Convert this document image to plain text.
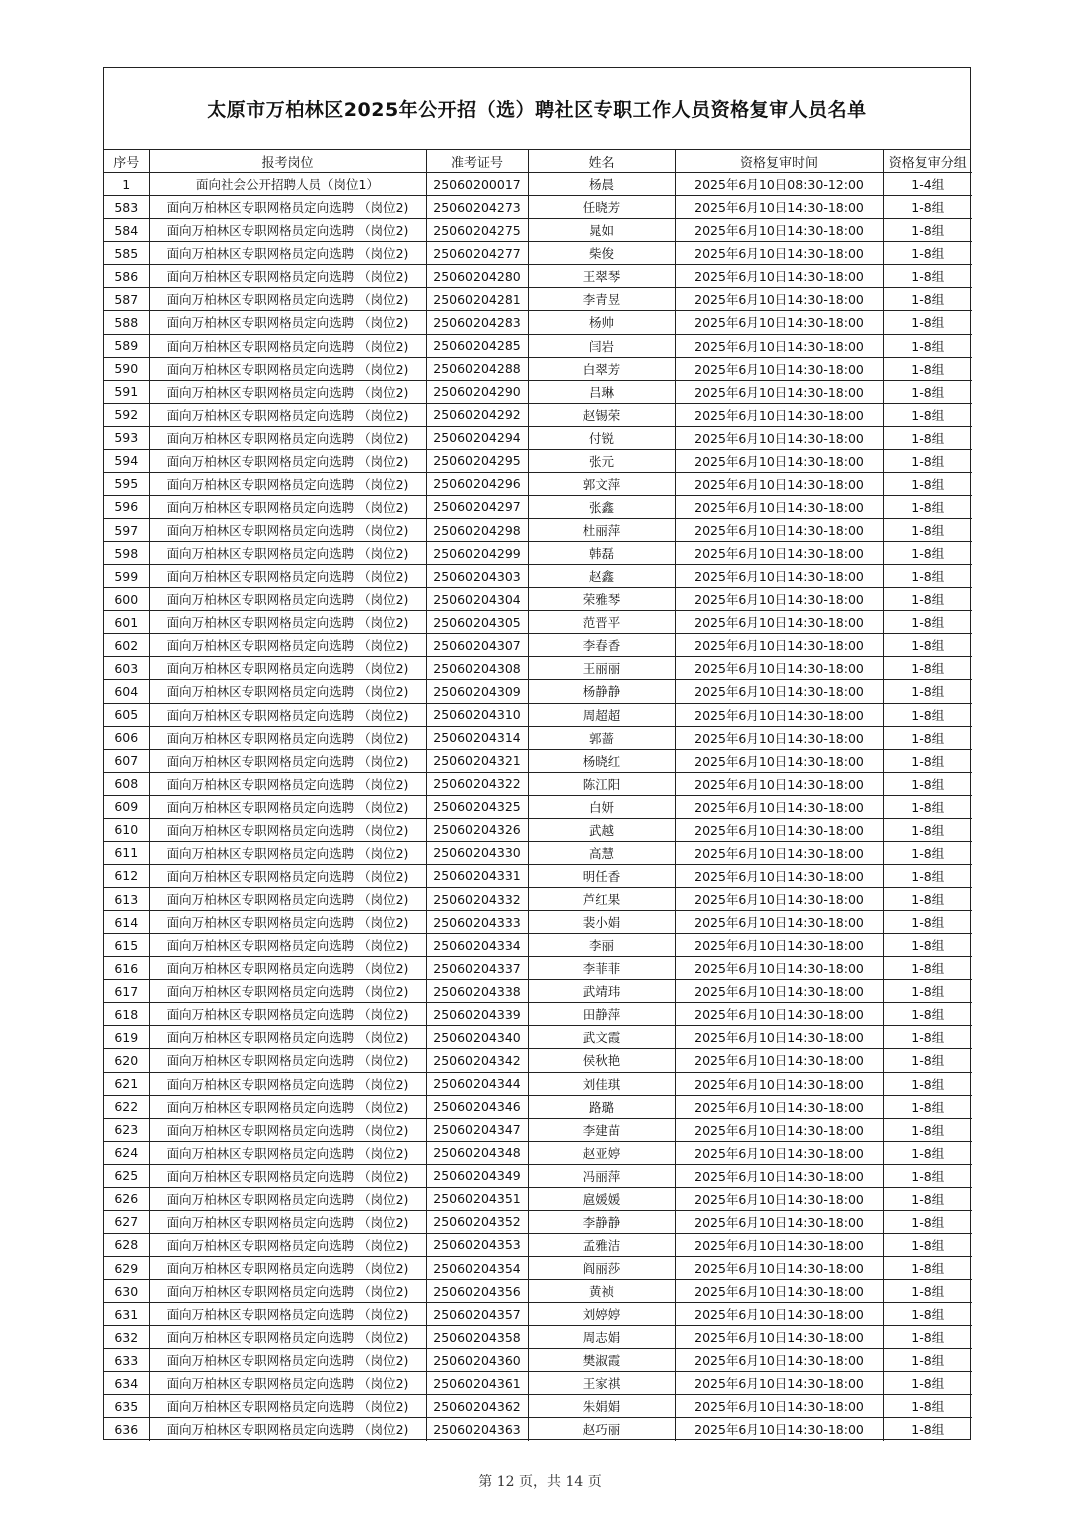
太原市万柏林区2025年公开招（选）聘社区专职工作人员资格复审人员名单
序号	报考岗位	准考证号	姓名	资格复审时间	资格复审分组
1	面向社会公开招聘人员（岗位1）	25060200017	杨晨	2025年6月10日08:30-12:00	1-4组
583	面向万柏林区专职网格员定向选聘 （岗位2)	25060204273	任晓芳	2025年6月10日14:30-18:00	1-8组
584	面向万柏林区专职网格员定向选聘 （岗位2)	25060204275	晁如	2025年6月10日14:30-18:00	1-8组
585	面向万柏林区专职网格员定向选聘 （岗位2)	25060204277	柴俊	2025年6月10日14:30-18:00	1-8组
586	面向万柏林区专职网格员定向选聘 （岗位2)	25060204280	王翠琴	2025年6月10日14:30-18:00	1-8组
587	面向万柏林区专职网格员定向选聘 （岗位2)	25060204281	李青昱	2025年6月10日14:30-18:00	1-8组
588	面向万柏林区专职网格员定向选聘 （岗位2)	25060204283	杨帅	2025年6月10日14:30-18:00	1-8组
589	面向万柏林区专职网格员定向选聘 （岗位2)	25060204285	闫岩	2025年6月10日14:30-18:00	1-8组
590	面向万柏林区专职网格员定向选聘 （岗位2)	25060204288	白翠芳	2025年6月10日14:30-18:00	1-8组
591	面向万柏林区专职网格员定向选聘 （岗位2)	25060204290	吕琳	2025年6月10日14:30-18:00	1-8组
592	面向万柏林区专职网格员定向选聘 （岗位2)	25060204292	赵锡荣	2025年6月10日14:30-18:00	1-8组
593	面向万柏林区专职网格员定向选聘 （岗位2)	25060204294	付锐	2025年6月10日14:30-18:00	1-8组
594	面向万柏林区专职网格员定向选聘 （岗位2)	25060204295	张元	2025年6月10日14:30-18:00	1-8组
595	面向万柏林区专职网格员定向选聘 （岗位2)	25060204296	郭文萍	2025年6月10日14:30-18:00	1-8组
596	面向万柏林区专职网格员定向选聘 （岗位2)	25060204297	张鑫	2025年6月10日14:30-18:00	1-8组
597	面向万柏林区专职网格员定向选聘 （岗位2)	25060204298	杜丽萍	2025年6月10日14:30-18:00	1-8组
598	面向万柏林区专职网格员定向选聘 （岗位2)	25060204299	韩磊	2025年6月10日14:30-18:00	1-8组
599	面向万柏林区专职网格员定向选聘 （岗位2)	25060204303	赵鑫	2025年6月10日14:30-18:00	1-8组
600	面向万柏林区专职网格员定向选聘 （岗位2)	25060204304	荣雅琴	2025年6月10日14:30-18:00	1-8组
601	面向万柏林区专职网格员定向选聘 （岗位2)	25060204305	范晋平	2025年6月10日14:30-18:00	1-8组
602	面向万柏林区专职网格员定向选聘 （岗位2)	25060204307	李春香	2025年6月10日14:30-18:00	1-8组
603	面向万柏林区专职网格员定向选聘 （岗位2)	25060204308	王丽丽	2025年6月10日14:30-18:00	1-8组
604	面向万柏林区专职网格员定向选聘 （岗位2)	25060204309	杨静静	2025年6月10日14:30-18:00	1-8组
605	面向万柏林区专职网格员定向选聘 （岗位2)	25060204310	周超超	2025年6月10日14:30-18:00	1-8组
606	面向万柏林区专职网格员定向选聘 （岗位2)	25060204314	郭蔷	2025年6月10日14:30-18:00	1-8组
607	面向万柏林区专职网格员定向选聘 （岗位2)	25060204321	杨晓红	2025年6月10日14:30-18:00	1-8组
608	面向万柏林区专职网格员定向选聘 （岗位2)	25060204322	陈江阳	2025年6月10日14:30-18:00	1-8组
609	面向万柏林区专职网格员定向选聘 （岗位2)	25060204325	白妍	2025年6月10日14:30-18:00	1-8组
610	面向万柏林区专职网格员定向选聘 （岗位2)	25060204326	武越	2025年6月10日14:30-18:00	1-8组
611	面向万柏林区专职网格员定向选聘 （岗位2)	25060204330	高慧	2025年6月10日14:30-18:00	1-8组
612	面向万柏林区专职网格员定向选聘 （岗位2)	25060204331	明任香	2025年6月10日14:30-18:00	1-8组
613	面向万柏林区专职网格员定向选聘 （岗位2)	25060204332	芦红果	2025年6月10日14:30-18:00	1-8组
614	面向万柏林区专职网格员定向选聘 （岗位2)	25060204333	裴小娟	2025年6月10日14:30-18:00	1-8组
615	面向万柏林区专职网格员定向选聘 （岗位2)	25060204334	李丽	2025年6月10日14:30-18:00	1-8组
616	面向万柏林区专职网格员定向选聘 （岗位2)	25060204337	李菲菲	2025年6月10日14:30-18:00	1-8组
617	面向万柏林区专职网格员定向选聘 （岗位2)	25060204338	武靖玮	2025年6月10日14:30-18:00	1-8组
618	面向万柏林区专职网格员定向选聘 （岗位2)	25060204339	田静萍	2025年6月10日14:30-18:00	1-8组
619	面向万柏林区专职网格员定向选聘 （岗位2)	25060204340	武文霞	2025年6月10日14:30-18:00	1-8组
620	面向万柏林区专职网格员定向选聘 （岗位2)	25060204342	侯秋艳	2025年6月10日14:30-18:00	1-8组
621	面向万柏林区专职网格员定向选聘 （岗位2)	25060204344	刘佳琪	2025年6月10日14:30-18:00	1-8组
622	面向万柏林区专职网格员定向选聘 （岗位2)	25060204346	路璐	2025年6月10日14:30-18:00	1-8组
623	面向万柏林区专职网格员定向选聘 （岗位2)	25060204347	李建苗	2025年6月10日14:30-18:00	1-8组
624	面向万柏林区专职网格员定向选聘 （岗位2)	25060204348	赵亚婷	2025年6月10日14:30-18:00	1-8组
625	面向万柏林区专职网格员定向选聘 （岗位2)	25060204349	冯丽萍	2025年6月10日14:30-18:00	1-8组
626	面向万柏林区专职网格员定向选聘 （岗位2)	25060204351	扈媛媛	2025年6月10日14:30-18:00	1-8组
627	面向万柏林区专职网格员定向选聘 （岗位2)	25060204352	李静静	2025年6月10日14:30-18:00	1-8组
628	面向万柏林区专职网格员定向选聘 （岗位2)	25060204353	孟雅洁	2025年6月10日14:30-18:00	1-8组
629	面向万柏林区专职网格员定向选聘 （岗位2)	25060204354	阎丽莎	2025年6月10日14:30-18:00	1-8组
630	面向万柏林区专职网格员定向选聘 （岗位2)	25060204356	黄祯	2025年6月10日14:30-18:00	1-8组
631	面向万柏林区专职网格员定向选聘 （岗位2)	25060204357	刘婷婷	2025年6月10日14:30-18:00	1-8组
632	面向万柏林区专职网格员定向选聘 （岗位2)	25060204358	周志娟	2025年6月10日14:30-18:00	1-8组
633	面向万柏林区专职网格员定向选聘 （岗位2)	25060204360	樊淑霞	2025年6月10日14:30-18:00	1-8组
634	面向万柏林区专职网格员定向选聘 （岗位2)	25060204361	王家祺	2025年6月10日14:30-18:00	1-8组
635	面向万柏林区专职网格员定向选聘 （岗位2)	25060204362	朱娟娟	2025年6月10日14:30-18:00	1-8组
636	面向万柏林区专职网格员定向选聘 （岗位2)	25060204363	赵巧丽	2025年6月10日14:30-18:00	1-8组
第 12 页，共 14 页
